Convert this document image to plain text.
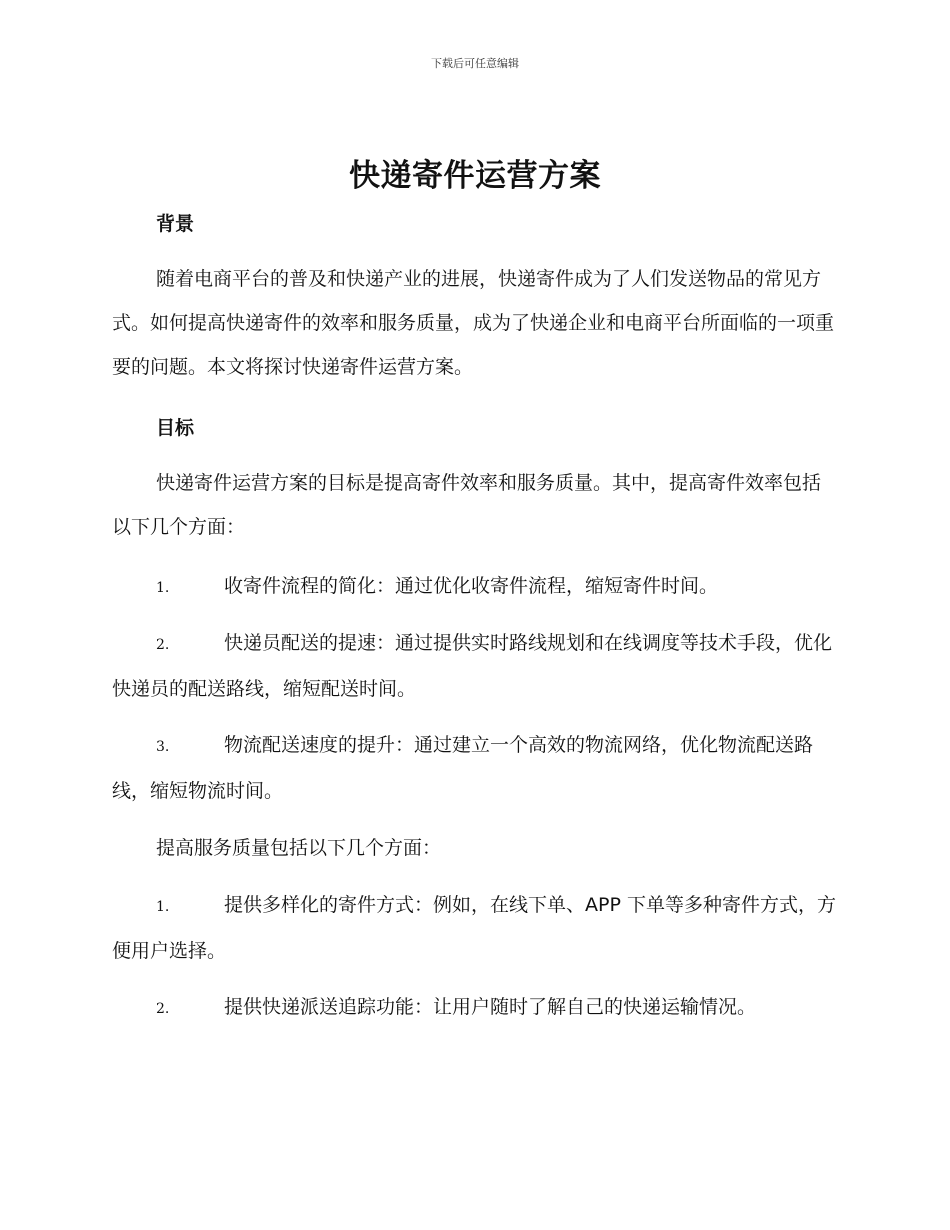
下载后可任意编辑
快递寄件运营方案
背景
随着电商平台的普及和快递产业的进展，快递寄件成为了人们发送物品的常见方式。如何提高快递寄件的效率和服务质量，成为了快递企业和电商平台所面临的一项重要的问题。本文将探讨快递寄件运营方案。
目标
快递寄件运营方案的目标是提高寄件效率和服务质量。其中，提高寄件效率包括以下几个方面：
1.	收寄件流程的简化：通过优化收寄件流程，缩短寄件时间。
2.	快递员配送的提速：通过提供实时路线规划和在线调度等技术手段，优化快递员的配送路线，缩短配送时间。
3.	物流配送速度的提升：通过建立一个高效的物流网络，优化物流配送路线，缩短物流时间。
提高服务质量包括以下几个方面：
1.	提供多样化的寄件方式：例如，在线下单、APP 下单等多种寄件方式，方便用户选择。
2.	提供快递派送追踪功能：让用户随时了解自己的快递运输情况。
